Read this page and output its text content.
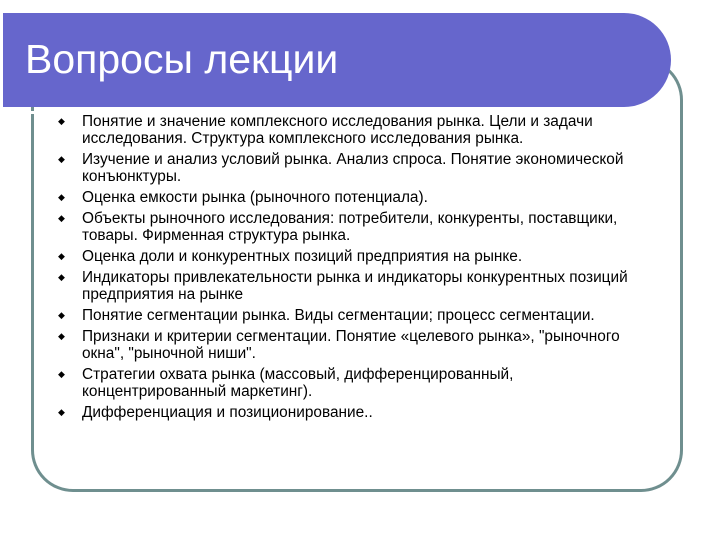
Вопросы лекции
◆ Понятие и значение комплексного исследования рынка. Цели и задачи исследования. Структура комплексного исследования рынка.
◆ Изучение и анализ условий рынка. Анализ спроса. Понятие экономической конъюнктуры.
◆ Оценка емкости рынка (рыночного потенциала).
◆ Объекты рыночного исследования: потребители, конкуренты, поставщики, товары. Фирменная структура рынка.
◆ Оценка доли и конкурентных позиций предприятия на рынке.
◆ Индикаторы привлекательности рынка и индикаторы конкурентных позиций предприятия на рынке
◆ Понятие сегментации рынка. Виды сегментации; процесс сегментации.
◆ Признаки и критерии сегментации. Понятие «целевого рынка», "рыночного окна", "рыночной ниши".
◆ Стратегии охвата рынка (массовый, дифференцированный, концентрированный маркетинг).
◆ Дифференциация и позиционирование..
